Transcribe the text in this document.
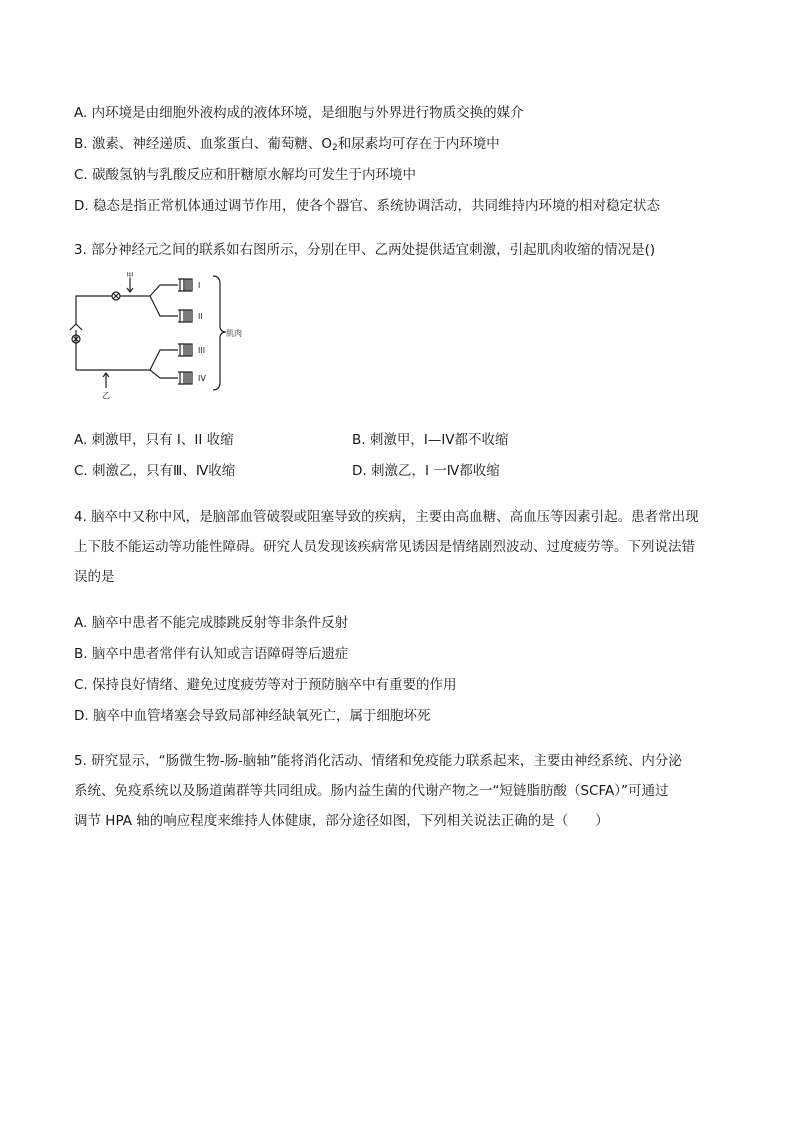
A. 内环境是由细胞外液构成的液体环境，是细胞与外界进行物质交换的媒介
B. 激素、神经递质、血浆蛋白、葡萄糖、$O_2$和尿素均可存在于内环境中
C. 碳酸氢钠与乳酸反应和肝糖原水解均可发生于内环境中
D. 稳态是指正常机体通过调节作用，使各个器官、系统协调活动，共同维持内环境的相对稳定状态
3. 部分神经元之间的联系如右图所示，分别在甲、乙两处提供适宜刺激，引起肌肉收缩的情况是()
甲
乙
肌肉
I
II
III
IV
A. 刺激甲，只有 I、II 收缩	B. 刺激甲，I—IV都不收缩
C. 刺激乙，只有Ⅲ、Ⅳ收缩	D. 刺激乙，I 一Ⅳ都收缩
4. 脑卒中又称中风，是脑部血管破裂或阻塞导致的疾病，主要由高血糖、高血压等因素引起。患者常出现
上下肢不能运动等功能性障碍。研究人员发现该疾病常见诱因是情绪剧烈波动、过度疲劳等。下列说法错
误的是
A. 脑卒中患者不能完成膝跳反射等非条件反射
B. 脑卒中患者常伴有认知或言语障碍等后遗症
C. 保持良好情绪、避免过度疲劳等对于预防脑卒中有重要的作用
D. 脑卒中血管堵塞会导致局部神经缺氧死亡，属于细胞坏死
5. 研究显示，“肠微生物-肠-脑轴”能将消化活动、情绪和免疫能力联系起来，主要由神经系统、内分泌
系统、免疫系统以及肠道菌群等共同组成。肠内益生菌的代谢产物之一“短链脂肪酸（SCFA）”可通过
调节 HPA 轴的响应程度来维持人体健康，部分途径如图，下列相关说法正确的是（　　）
